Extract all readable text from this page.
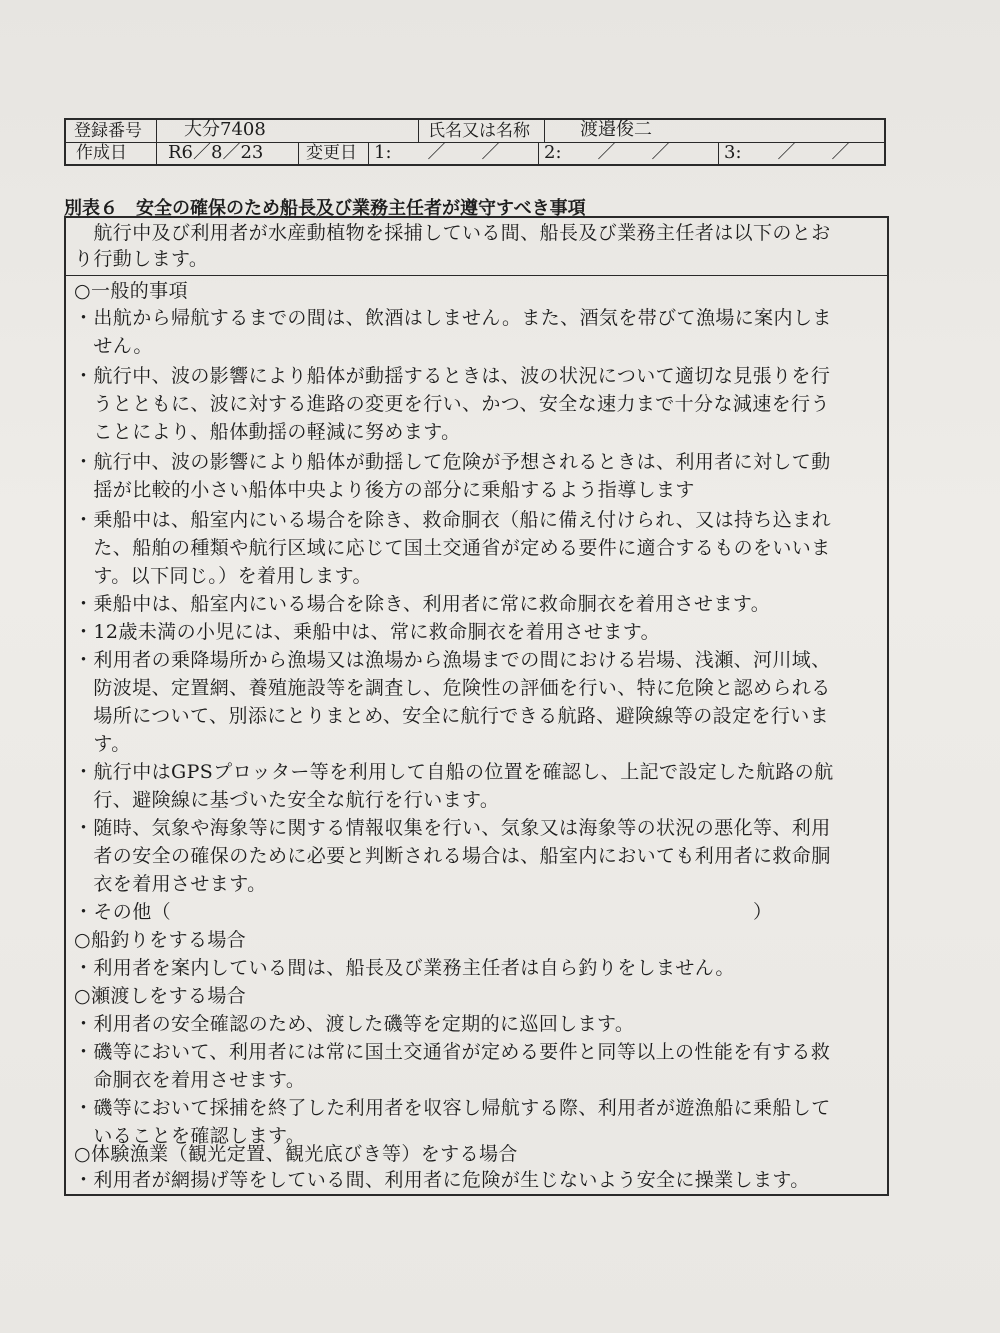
登録番号 大分7408	氏名又は名称	渡邉俊二
作成日 R6／8／23	変更日 1:　　／　　／ 2:　　／　　／	3:　　／　　／
別表６　安全の確保のため船長及び業務主任者が遵守すべき事項
　航行中及び利用者が水産動植物を採捕している間、船長及び業務主任者は以下のとお
り行動します。
○一般的事項
・出航から帰航するまでの間は、飲酒はしません。また、酒気を帯びて漁場に案内しま
　せん。
・航行中、波の影響により船体が動揺するときは、波の状況について適切な見張りを行
　うとともに、波に対する進路の変更を行い、かつ、安全な速力まで十分な減速を行う
　ことにより、船体動揺の軽減に努めます。
・航行中、波の影響により船体が動揺して危険が予想されるときは、利用者に対して動
　揺が比較的小さい船体中央より後方の部分に乗船するよう指導します
・乗船中は、船室内にいる場合を除き、救命胴衣（船に備え付けられ、又は持ち込まれ
　た、船舶の種類や航行区域に応じて国土交通省が定める要件に適合するものをいいま
　す。以下同じ。）を着用します。
・乗船中は、船室内にいる場合を除き、利用者に常に救命胴衣を着用させます。
・12歳未満の小児には、乗船中は、常に救命胴衣を着用させます。
・利用者の乗降場所から漁場又は漁場から漁場までの間における岩場、浅瀬、河川域、
　防波堤、定置網、養殖施設等を調査し、危険性の評価を行い、特に危険と認められる
　場所について、別添にとりまとめ、安全に航行できる航路、避険線等の設定を行いま
　す。
・航行中はGPSプロッター等を利用して自船の位置を確認し、上記で設定した航路の航
　行、避険線に基づいた安全な航行を行います。
・随時、気象や海象等に関する情報収集を行い、気象又は海象等の状況の悪化等、利用
　者の安全の確保のために必要と判断される場合は、船室内においても利用者に救命胴
　衣を着用させます。
・その他（　　　　　　　　　　　　　　　　　　　　　　　　　　　　　　）
○船釣りをする場合
・利用者を案内している間は、船長及び業務主任者は自ら釣りをしません。
○瀬渡しをする場合
・利用者の安全確認のため、渡した磯等を定期的に巡回します。
・磯等において、利用者には常に国土交通省が定める要件と同等以上の性能を有する救
　命胴衣を着用させます。
・磯等において採捕を終了した利用者を収容し帰航する際、利用者が遊漁船に乗船して
　いることを確認します。
○体験漁業（観光定置、観光底びき等）をする場合
・利用者が網揚げ等をしている間、利用者に危険が生じないよう安全に操業します。
